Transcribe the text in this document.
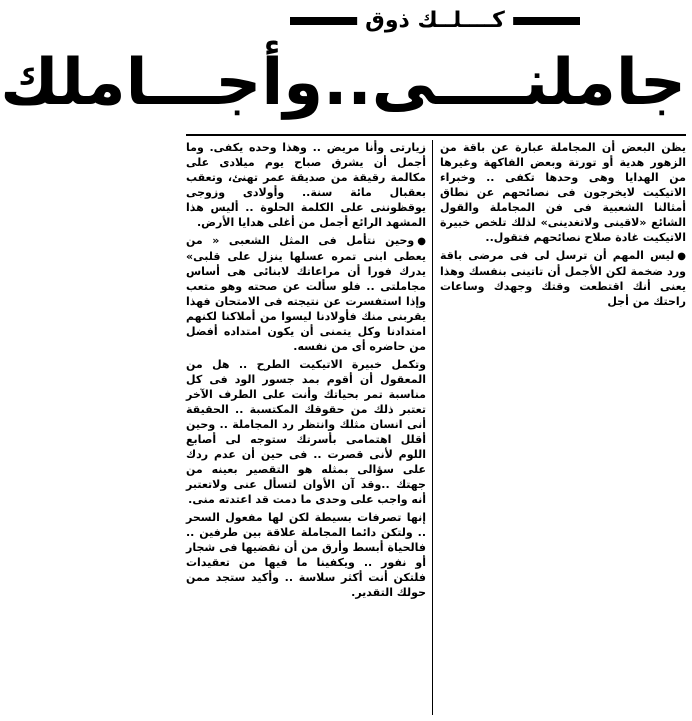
كــــلــك ذوق
جاملنــــى..وأجـــاملك

يظن البعض أن المجاملة عبارة عن باقة من الزهور هدية أو تورتة وبعض الفاكهة وغيرها من الهدايا وهى وحدها تكفى .. وخبراء الاتيكيت لايخرجون فى نصائحهم عن نطاق أمثالنا الشعبية فى فن المجاملة والقول الشائع «لاقينى ولاتغدينى» لذلك تلخص خبيرة الاتيكيت غادة صلاح نصائحهم فتقول..

●ليس المهم أن ترسل لى فى مرضى باقة ورد ضخمة لكن الأجمل أن تاتينى بنفسك وهذا يعنى أنك اقتطعت وقتك وجهدك وساعات راحتك من أجل

زيارتى وأنا مريض .. وهذا وحده يكفى. وما أجمل أن يشرق صباح يوم ميلادى على مكالمة رقيقة من صديقة عمر تهنئ، وتعقب بعقبال مائة سنة.. وأولادى وزوجى يوقظوننى على الكلمة الحلوة .. أليس هذا المشهد الرائع أجمل من أغلى هدايا الأرض.

●وحين نتأمل فى المثل الشعبى « من يعطى ابنى تمره عسلها ينزل على قلبى» يدرك فورا أن مراعاتك لابنائى هى أساس مجاملتى .. فلو سألت عن صحته وهو متعب وإذا استفسرت عن نتيجته فى الامتحان فهذا يقربنى منك فأولادنا ليسوا من أملاكنا لكنهم امتدادنا وكل يتمنى أن يكون امتداده أفضل من حاضره أى من نفسه.

وتكمل خبيرة الاتيكيت الطرح .. هل من المعقول أن أقوم بمد جسور الود فى كل مناسبة تمر بحياتك وأنت على الطرف الآخر تعتبر ذلك من حقوقك المكتسبة .. الحقيقة أنى انسان مثلك وانتظر رد المجاملة .. وحين أقلل اهتمامى بأسرتك ستوجه لى أصابع اللوم لأنى قصرت .. فى حين أن عدم ردك على سؤالى بمثله هو التقصير بعينه من جهتك ..وقد آن الأوان لتسأل عنى ولاتعتبر أنه واجب على وحدى ما دمت قد اعتدته منى.

إنها تصرفات بسيطة لكن لها مفعول السحر .. ولتكن دائما المجاملة علاقة بين طرفين .. فالحياة أبسط وأرق من أن نقضيها فى شجار أو نفور .. ويكفينا ما فيها من تعقيدات فلتكن أنت أكثر سلاسة .. وأكيد ستجد ممن حولك التقدير.
